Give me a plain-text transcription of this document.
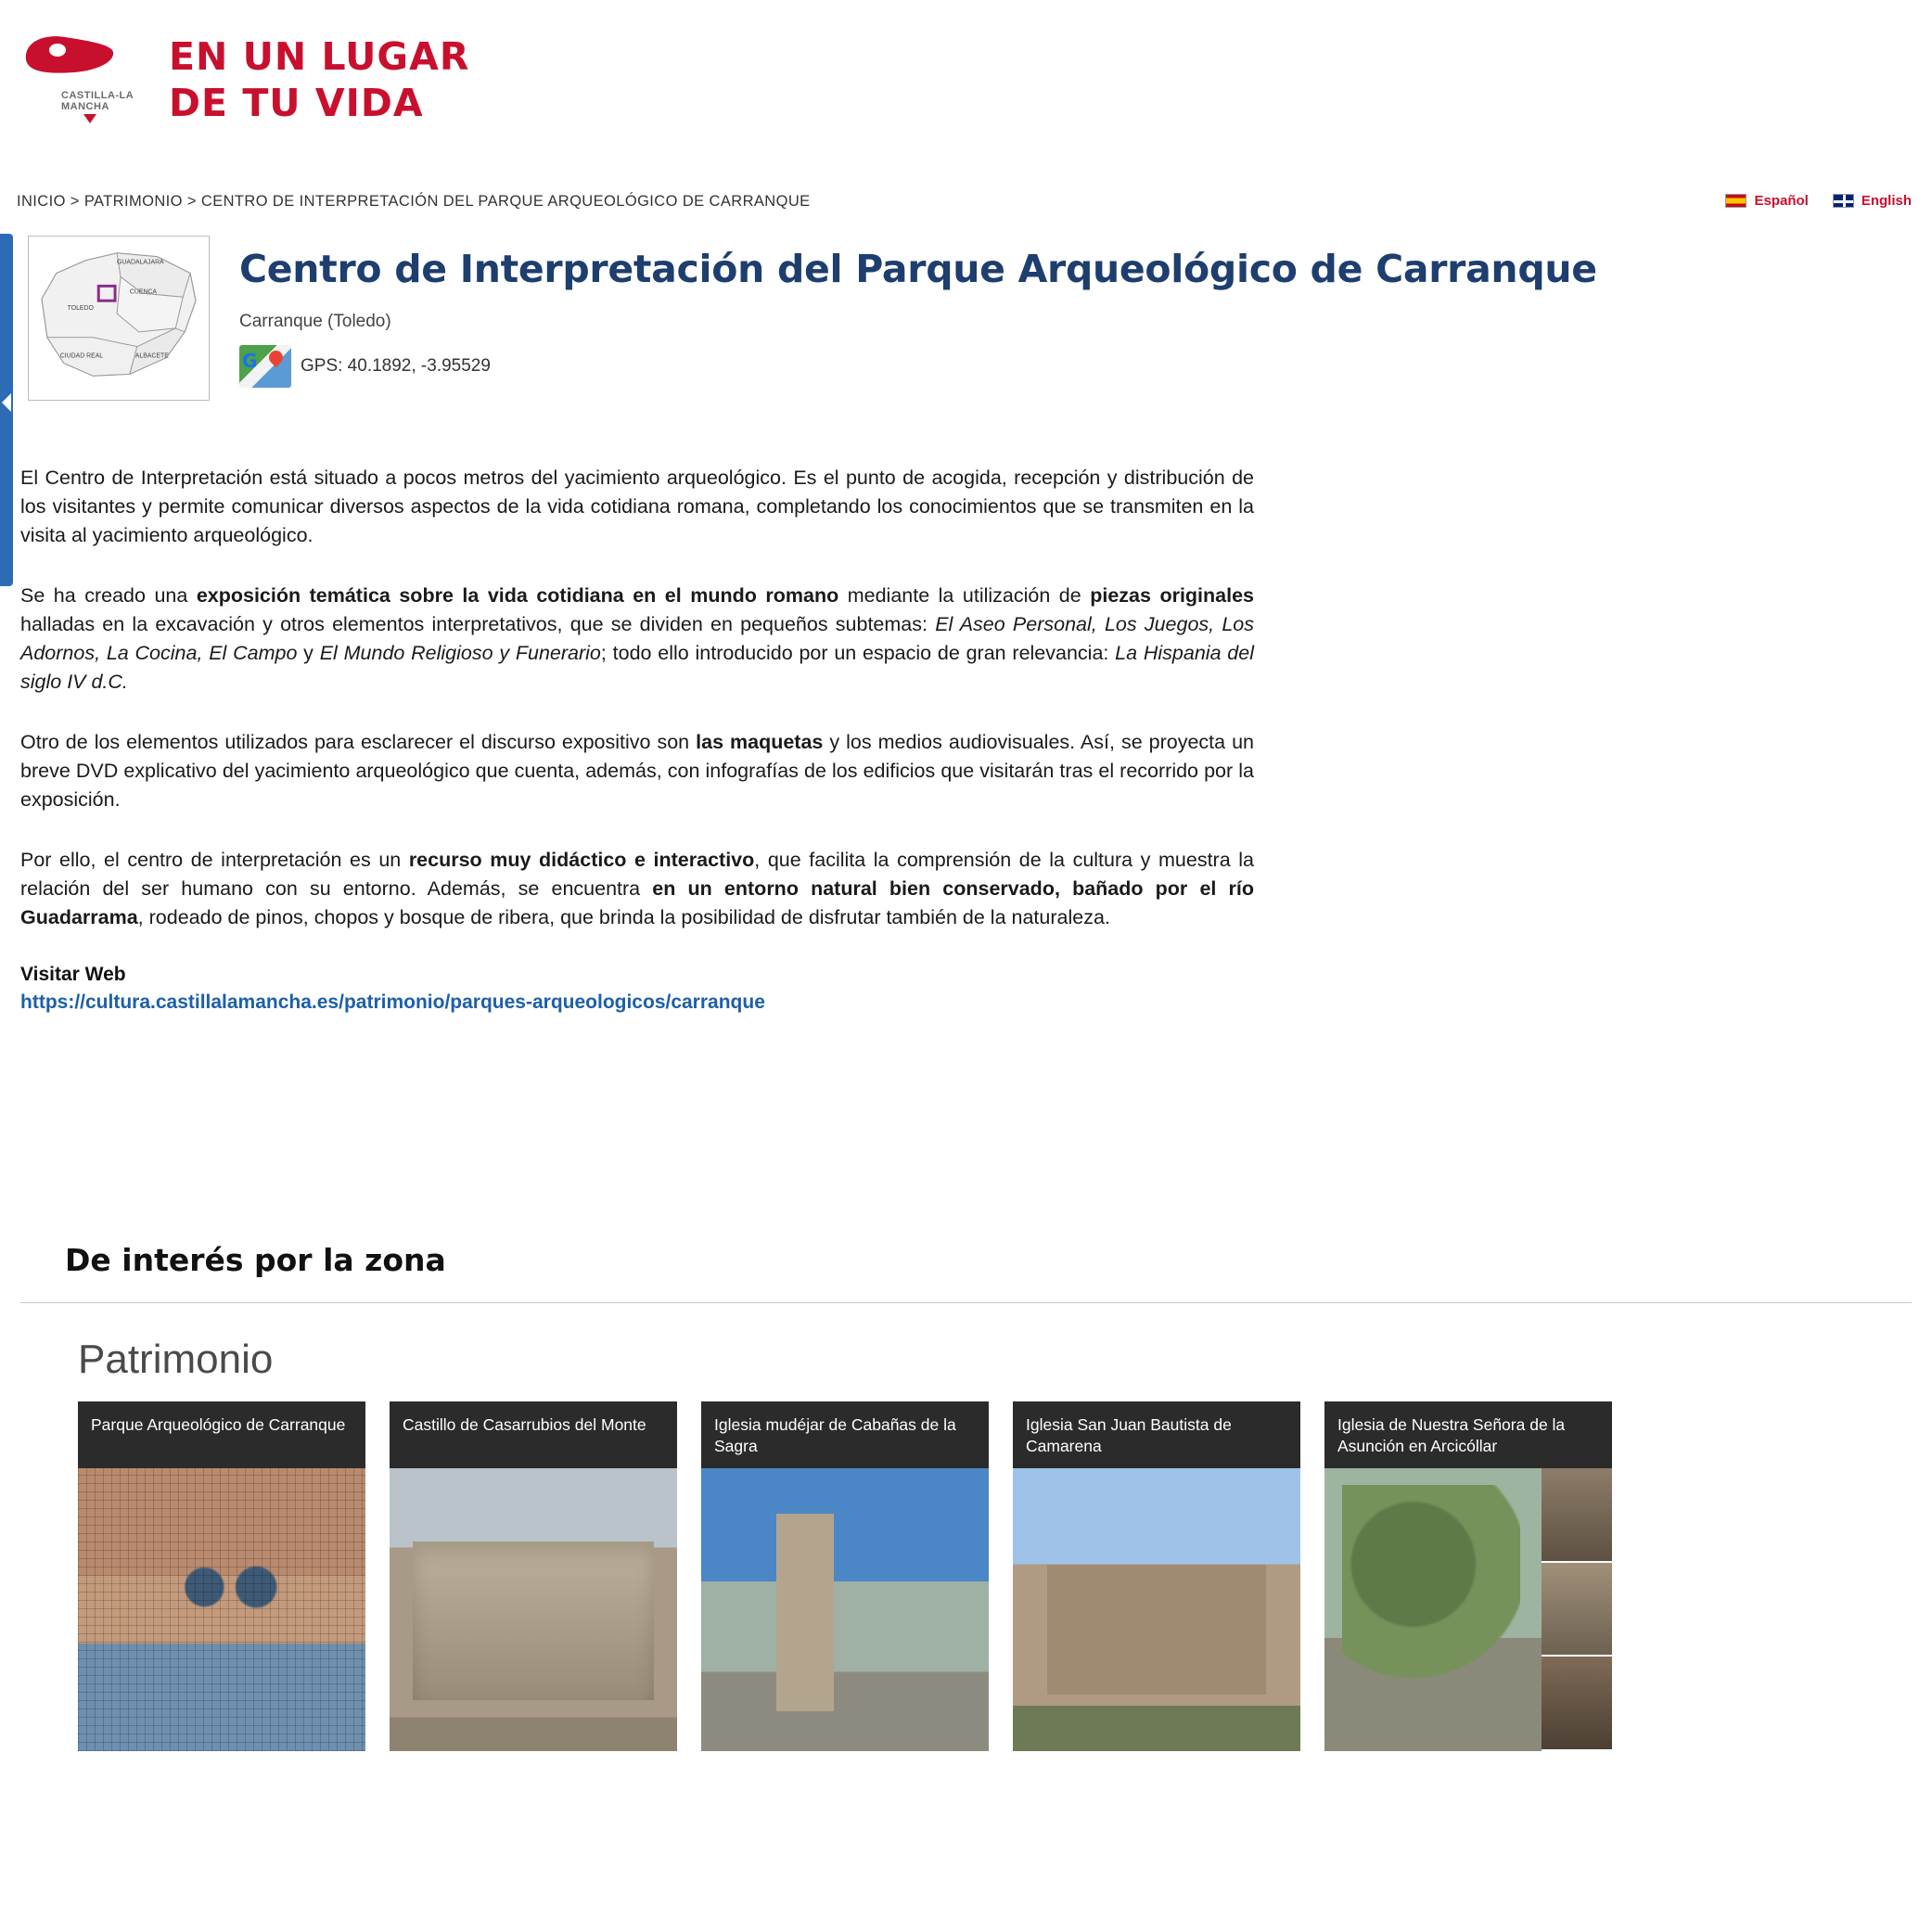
CASTILLA-LA MANCHA
EN UN LUGAR
DE TU VIDA
INICIO > PATRIMONIO > CENTRO DE INTERPRETACIÓN DEL PARQUE ARQUEOLÓGICO DE CARRANQUE	Español	English
GUADALAJARA
CUENCA
TOLEDO
CIUDAD REAL	ALBACETE
Centro de Interpretación del Parque Arqueológico de Carranque
Carranque (Toledo)
G GPS: 40.1892, -3.95529

El Centro de Interpretación está situado a pocos metros del yacimiento arqueológico. Es el punto de acogida, recepción y distribución de los visitantes y permite comunicar diversos aspectos de la vida cotidiana romana, completando los conocimientos que se transmiten en la visita al yacimiento arqueológico.

Se ha creado una exposición temática sobre la vida cotidiana en el mundo romano mediante la utilización de piezas originales halladas en la excavación y otros elementos interpretativos, que se dividen en pequeños subtemas: El Aseo Personal, Los Juegos, Los Adornos, La Cocina, El Campo y El Mundo Religioso y Funerario; todo ello introducido por un espacio de gran relevancia: La Hispania del siglo IV d.C.

Otro de los elementos utilizados para esclarecer el discurso expositivo son las maquetas y los medios audiovisuales. Así, se proyecta un breve DVD explicativo del yacimiento arqueológico que cuenta, además, con infografías de los edificios que visitarán tras el recorrido por la exposición.

Por ello, el centro de interpretación es un recurso muy didáctico e interactivo, que facilita la comprensión de la cultura y muestra la relación del ser humano con su entorno. Además, se encuentra en un entorno natural bien conservado, bañado por el río Guadarrama, rodeado de pinos, chopos y bosque de ribera, que brinda la posibilidad de disfrutar también de la naturaleza.

Visitar Web
https://cultura.castillalamancha.es/patrimonio/parques-arqueologicos/carranque
De interés por la zona
Patrimonio
Parque Arqueológico de Carranque	Castillo de Casarrubios del Monte	Iglesia mudéjar de Cabañas de la Sagra
Iglesia San Juan Bautista de Camarena
Iglesia de Nuestra Señora de la Asunción en Arcicóllar
